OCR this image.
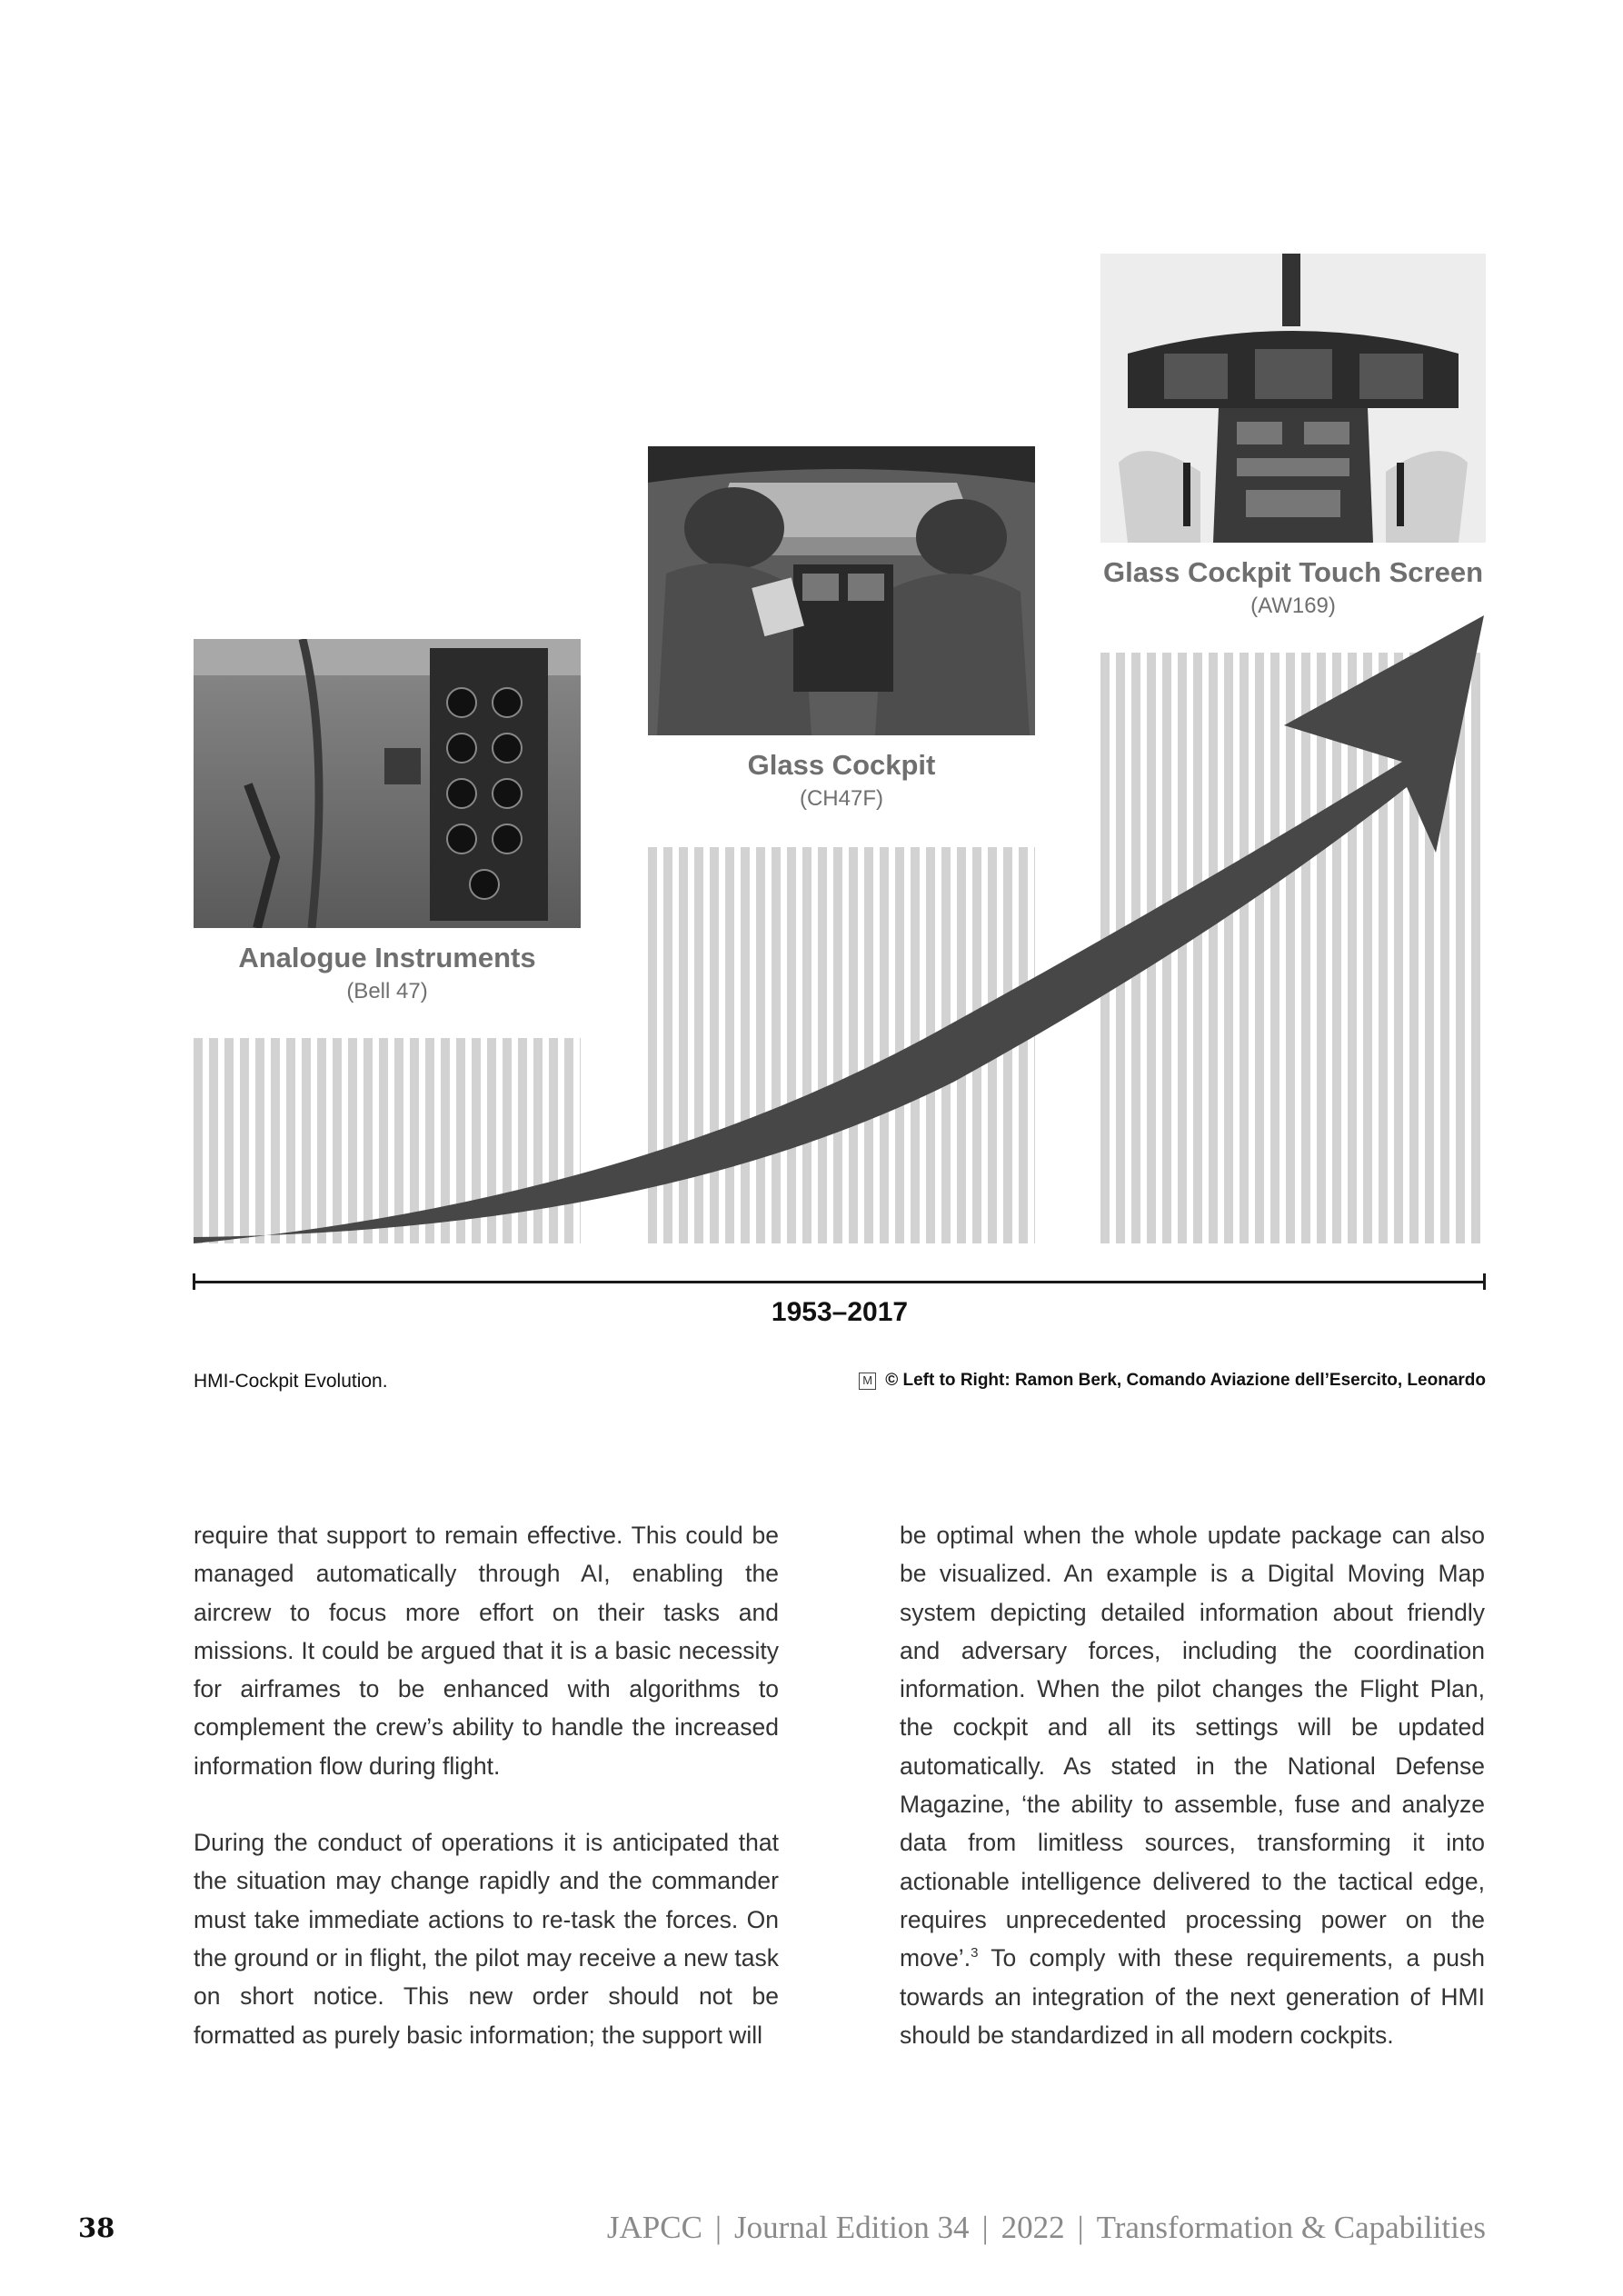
Analogue Instruments
(Bell 47)
Glass Cockpit
(CH47F)
Glass Cockpit Touch Screen
(AW169)
1953–2017
HMI-Cockpit Evolution.	M © Left to Right: Ramon Berk, Comando Aviazione dell’Esercito, Leonardo

require that support to remain effective. This could be managed automatically through AI, enabling the aircrew to focus more effort on their tasks and missions. It could be argued that it is a basic necessity for airframes to be enhanced with algorithms to complement the crew’s ability to handle the increased information flow during flight.

During the conduct of operations it is anticipated that the situation may change rapidly and the commander must take immediate actions to re-task the forces. On the ground or in flight, the pilot may receive a new task on short notice. This new order should not be formatted as purely basic information; the support will

be optimal when the whole update package can also be visualized. An example is a Digital Moving Map system depicting detailed information about friendly and adversary forces, including the coordination information. When the pilot changes the Flight Plan, the cockpit and all its settings will be updated automatically. As stated in the National Defense Magazine, ‘the ability to assemble, fuse and analyze data from limitless sources, transforming it into actionable intelligence delivered to the tactical edge, requires unprecedented processing power on the move’.$^3$ To comply with these requirements, a push towards an integration of the next generation of HMI should be standardized in all modern cockpits.

38	JAPCC | Journal Edition 34 | 2022 | Transformation & Capabilities
